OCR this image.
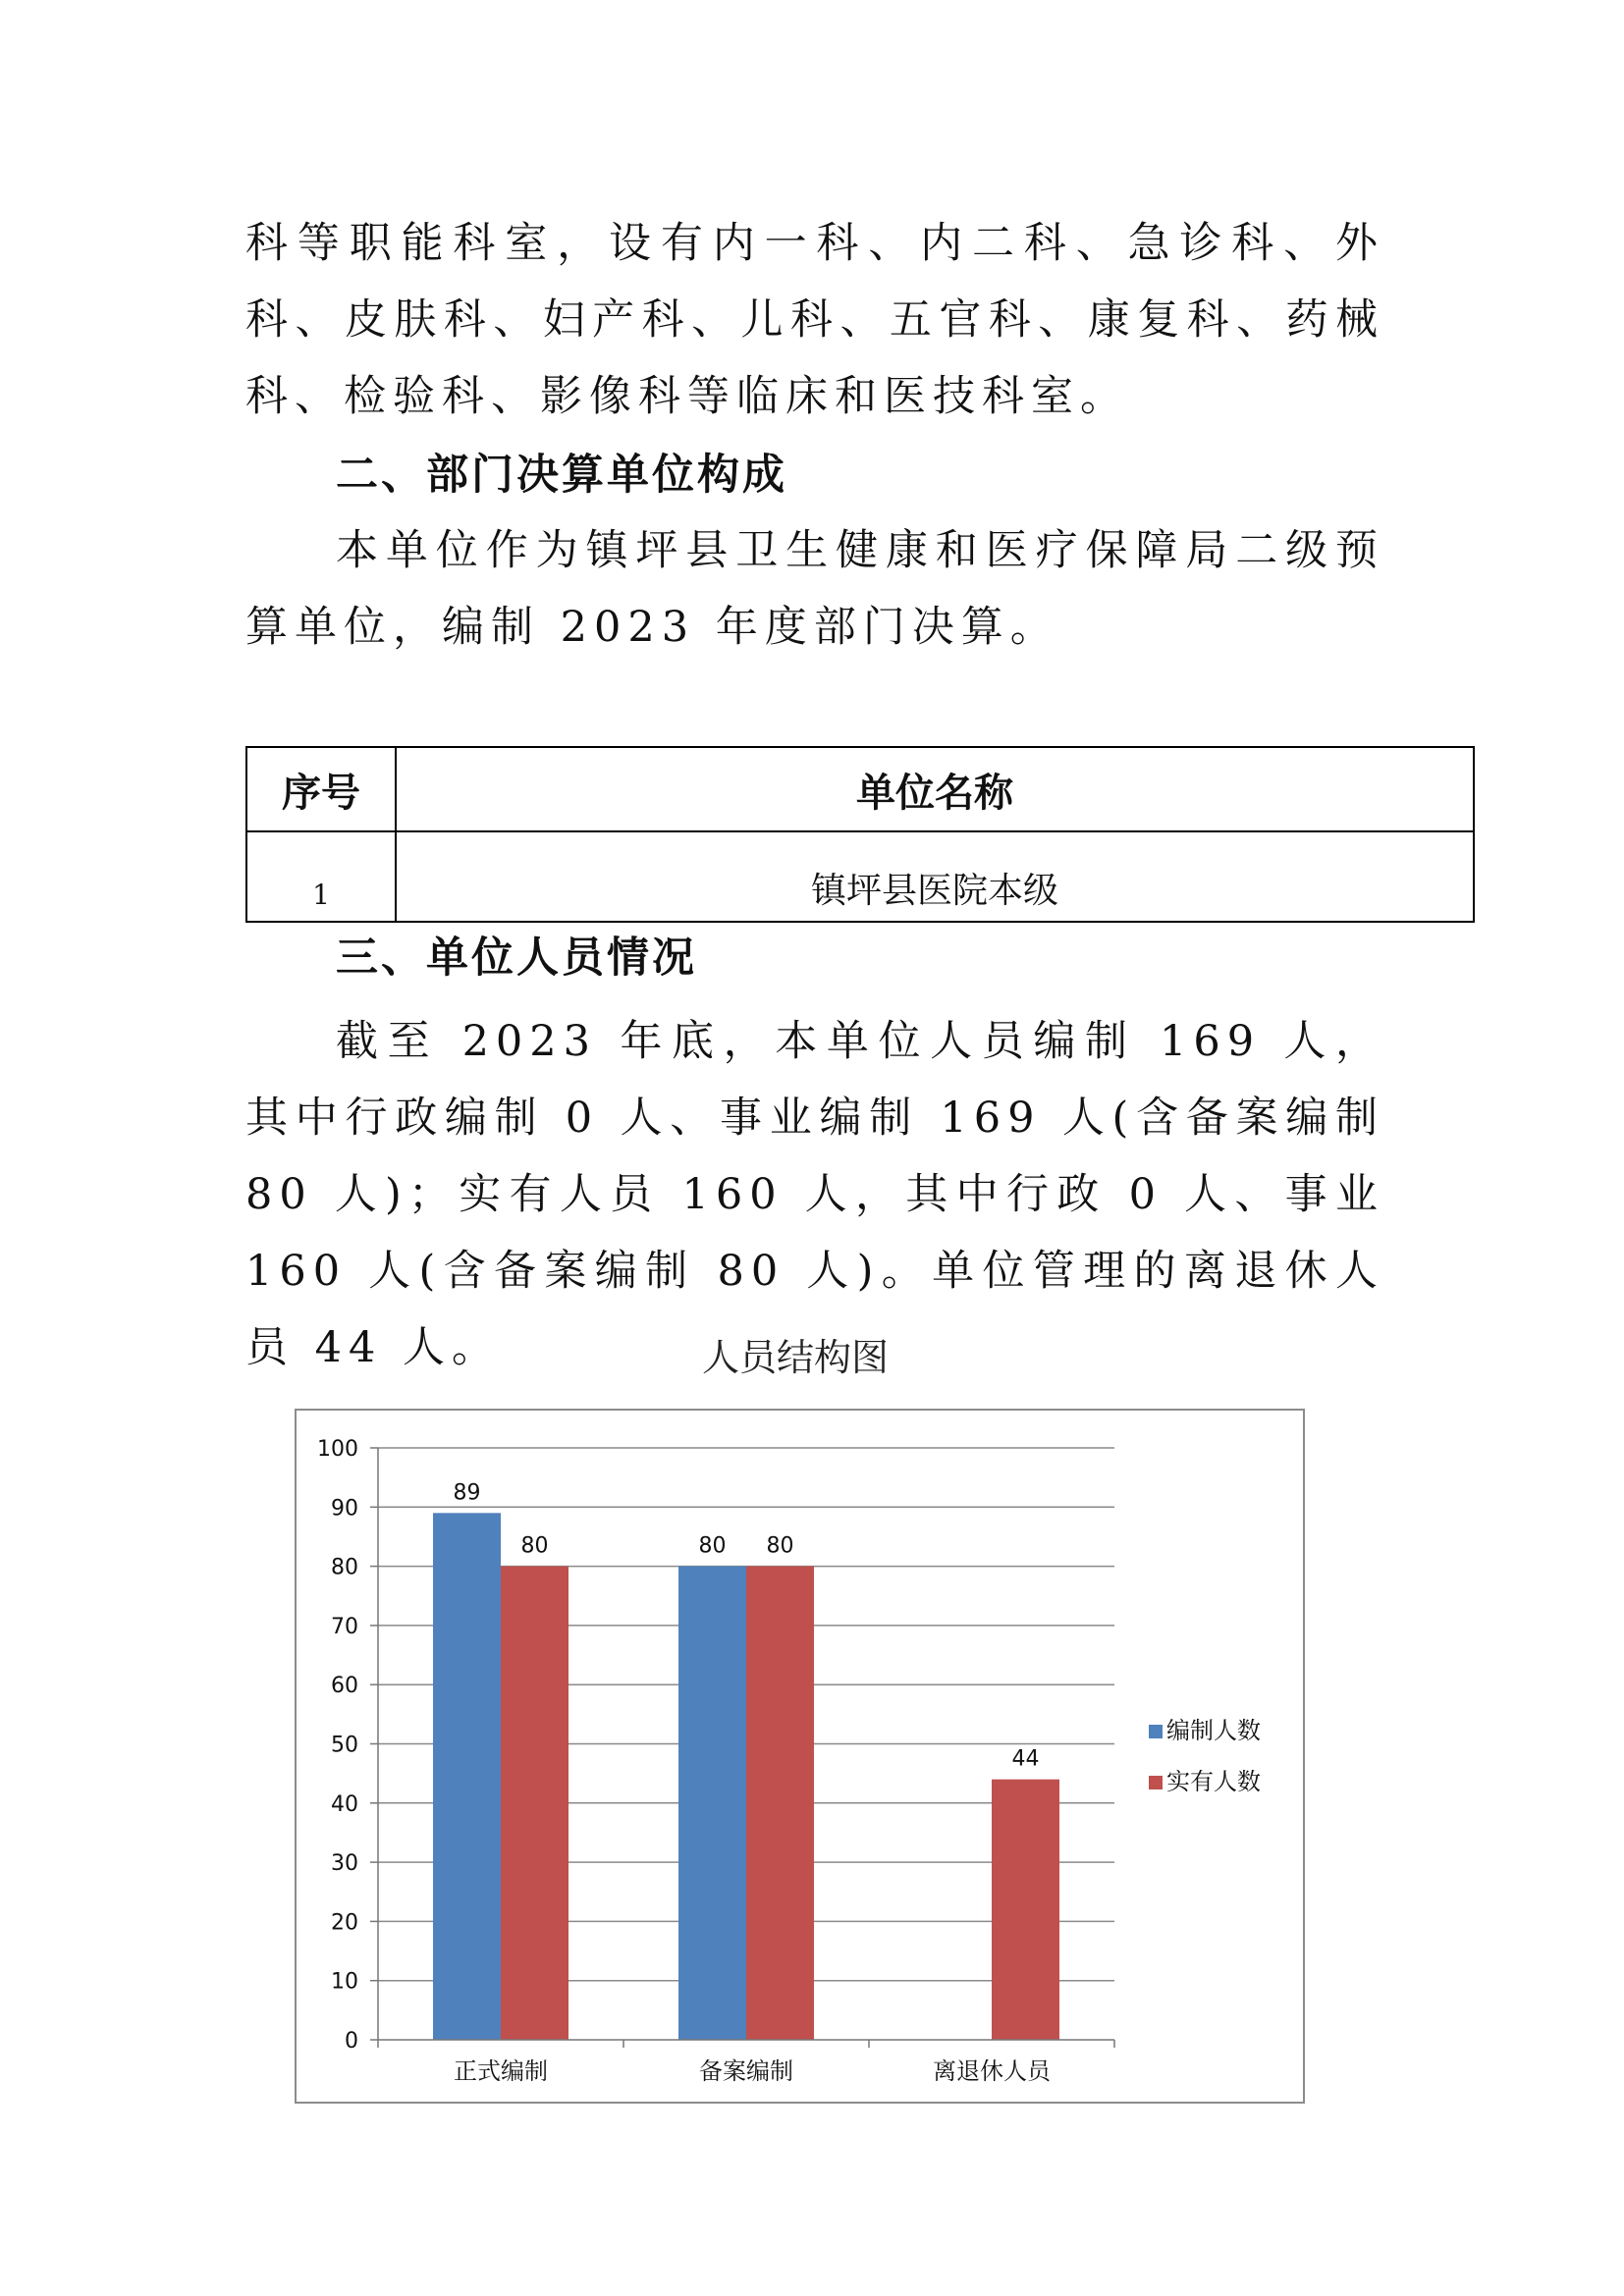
科等职能科室，设有内一科、内二科、急诊科、外科、皮肤科、妇产科、儿科、五官科、康复科、药械科、检验科、影像科等临床和医技科室。

二、部门决算单位构成

本单位作为镇坪县卫生健康和医疗保障局二级预算单位，编制 2023 年度部门决算。

序号	单位名称
1	镇坪县医院本级
三、单位人员情况

截至 2023 年底，本单位人员编制 169 人，其中行政编制 0 人、事业编制 169 人(含备案编制 80 人)；实有人员 160 人，其中行政 0 人、事业 160 人(含备案编制 80 人)。单位管理的离退休人员 44 人。	人员结构图
89
80	80 80
44
0
10
20
30
40
50
60
70
80
90
100
正式编制	备案编制	离退休人员
编制人数
实有人数
